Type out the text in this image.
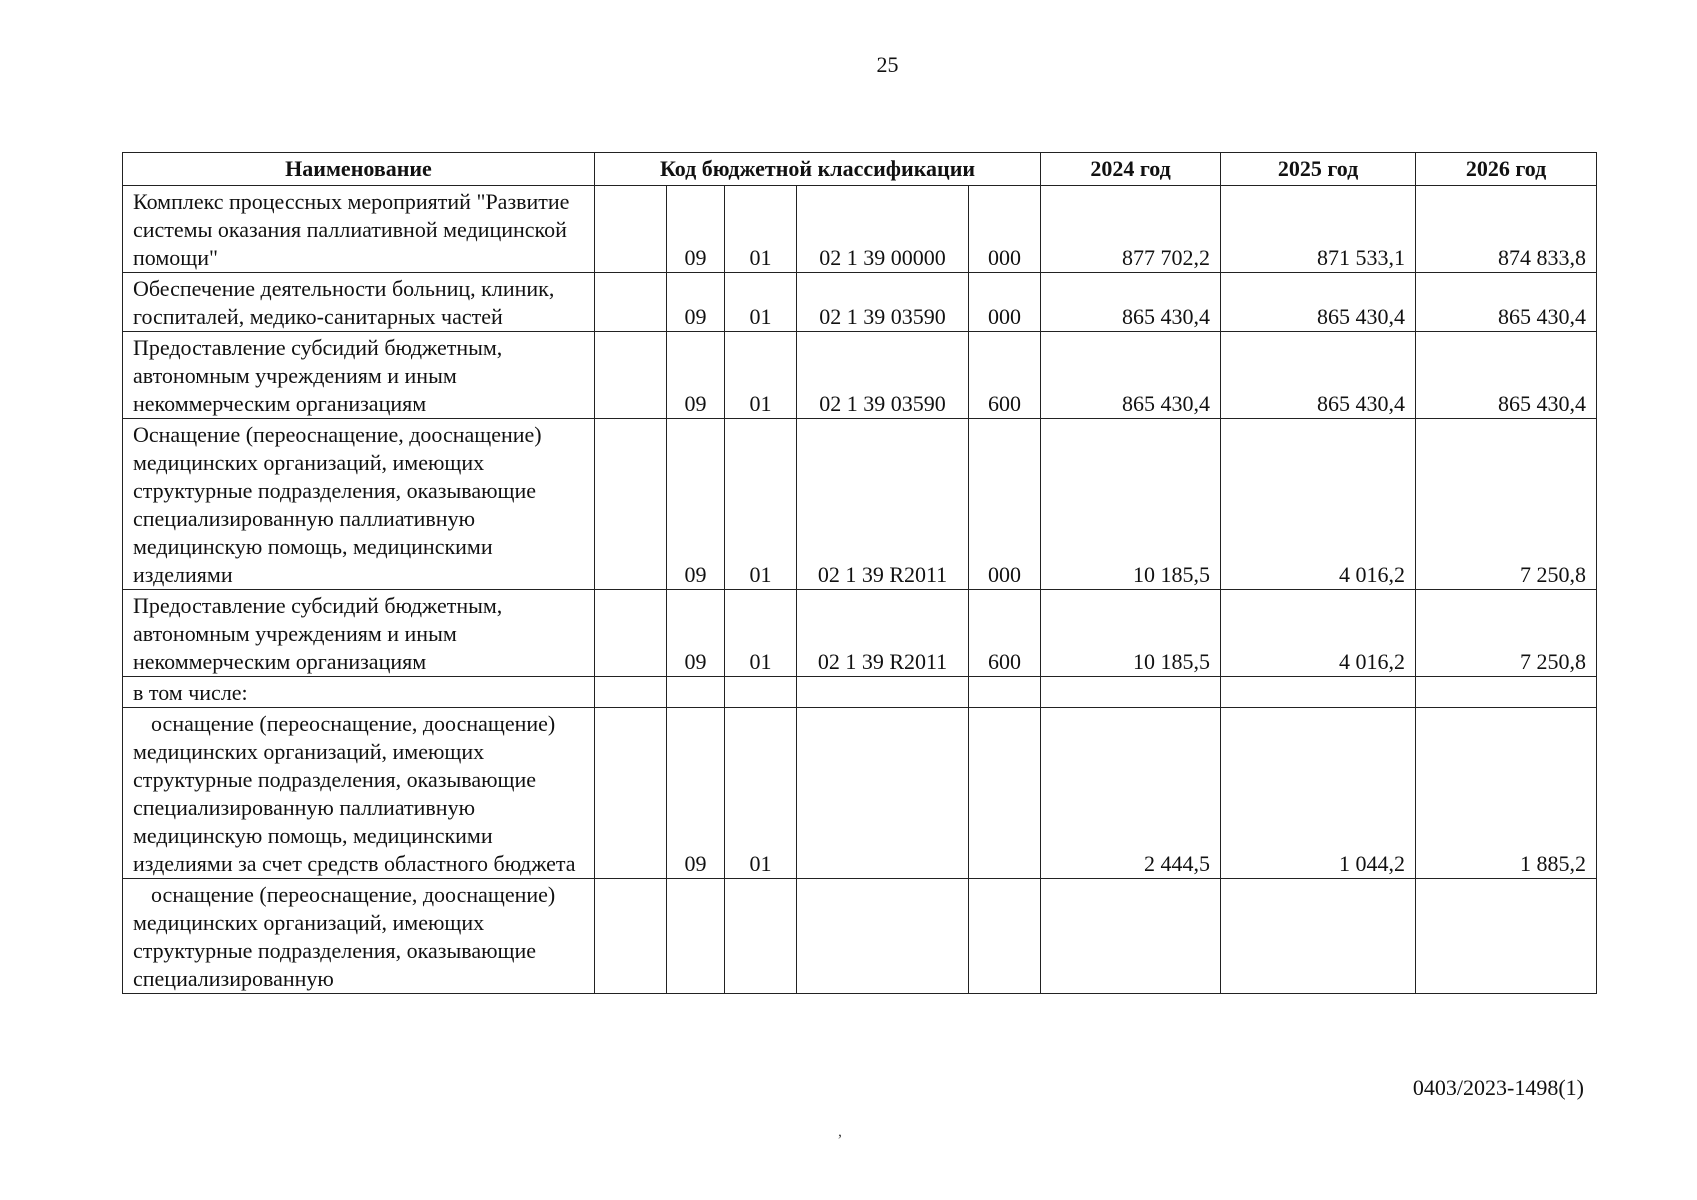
25
Наименование	Код бюджетной классификации					2024 год	2025 год	2026 год
Комплекс процессных мероприятий "Развитие системы оказания паллиативной медицинской помощи"		09	01	02 1 39 00000	000	877 702,2	871 533,1	874 833,8
Обеспечение деятельности больниц, клиник, госпиталей, медико-санитарных частей		09	01	02 1 39 03590	000	865 430,4	865 430,4	865 430,4
Предоставление субсидий бюджетным, автономным учреждениям и иным некоммерческим организациям		09	01	02 1 39 03590	600	865 430,4	865 430,4	865 430,4
Оснащение (переоснащение, дооснащение) медицинских организаций, имеющих структурные подразделения, оказывающие специализированную паллиативную медицинскую помощь, медицинскими изделиями		09	01	02 1 39 R2011	000	10 185,5	4 016,2	7 250,8
Предоставление субсидий бюджетным, автономным учреждениям и иным некоммерческим организациям		09	01	02 1 39 R2011	600	10 185,5	4 016,2	7 250,8
в том числе:								
оснащение (переоснащение, дооснащение) медицинских организаций, имеющих структурные подразделения, оказывающие специализированную паллиативную медицинскую помощь, медицинскими изделиями за счет средств областного бюджета		09	01			2 444,5	1 044,2	1 885,2
оснащение (переоснащение, дооснащение) медицинских организаций, имеющих структурные подразделения, оказывающие специализированную								
0403/2023-1498(1)
,
